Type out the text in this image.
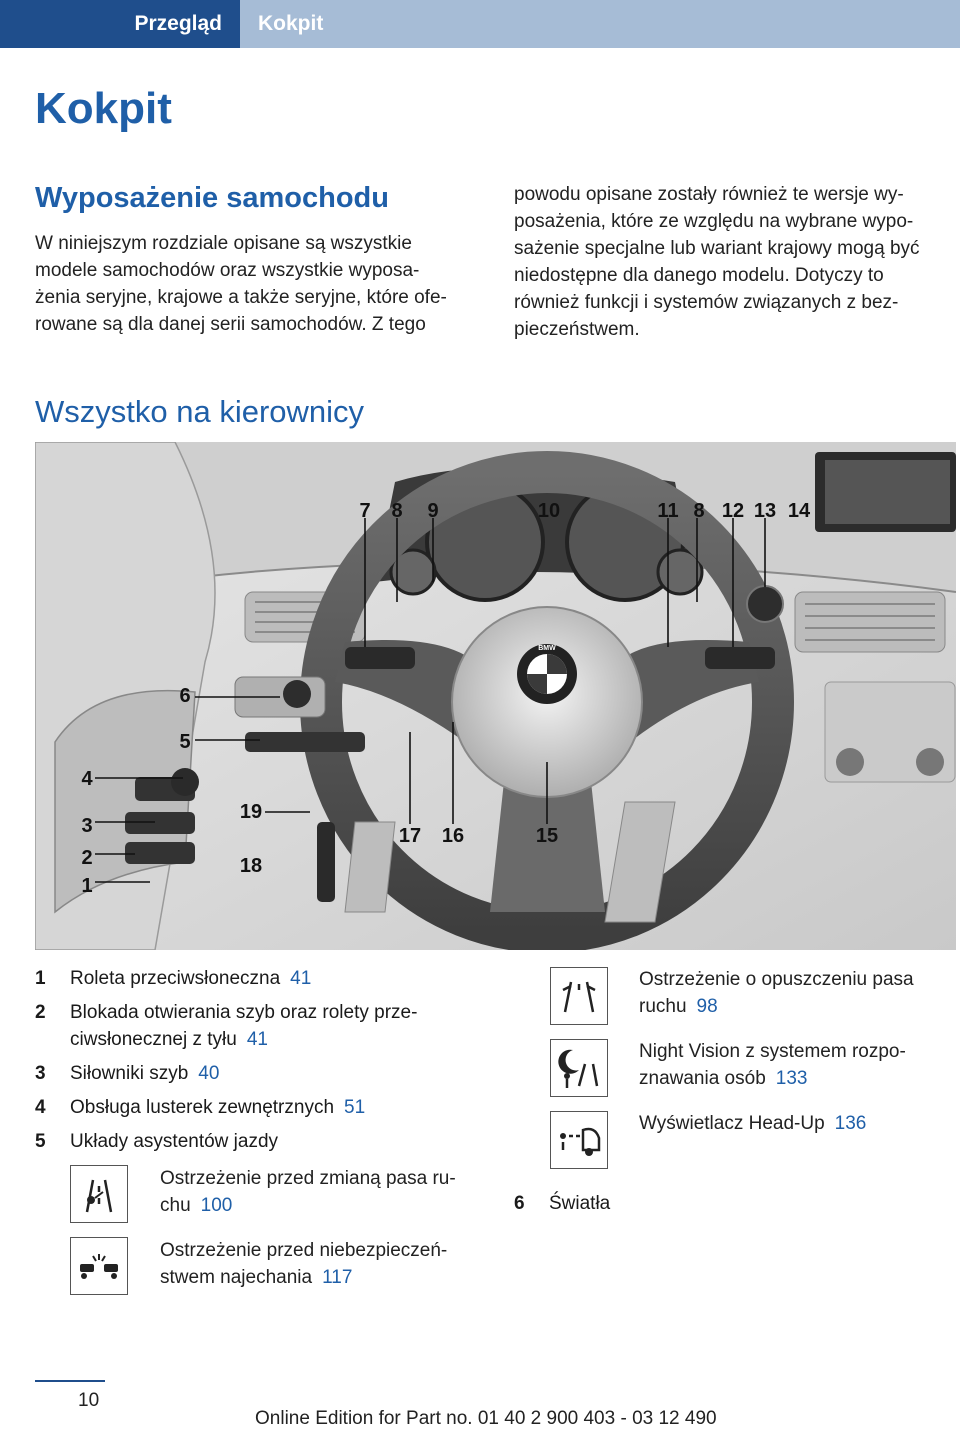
Przegląd	Kokpit
Kokpit
Wyposażenie samochodu
W niniejszym rozdziale opisane są wszystkie
modele samochodów oraz wszystkie wyposa‐
żenia seryjne, krajowe a także seryjne, które ofe‐
rowane są dla danej serii samochodów. Z tego
powodu opisane zostały również te wersje wy‐
posażenia, które ze względu na wybrane wypo‐
sażenie specjalne lub wariant krajowy mogą być
niedostępne dla danego modelu. Dotyczy to
również funkcji i systemów związanych z bez‐
pieczeństwem.
Wszystko na kierownicy
BMW
7 8 9	10	11 8 12 13 14
6
5
4
3
2
1
19
18
17 16	15
1	Roleta przeciwsłoneczna 41
2	Blokada otwierania szyb oraz rolety prze‐ ciwsłonecznej z tyłu 41
3	Siłowniki szyb 40
4	Obsługa lusterek zewnętrznych 51
5	Układy asystentów jazdy
Ostrzeżenie przed zmianą pasa ru‐ chu 100
Ostrzeżenie przed niebezpieczeń‐ stwem najechania 117
Ostrzeżenie o opuszczeniu pasa ruchu 98
Night Vision z systemem rozpo‐ znawania osób 133
Wyświetlacz Head-Up 136
6	Światła
10
Online Edition for Part no. 01 40 2 900 403 - 03 12 490
